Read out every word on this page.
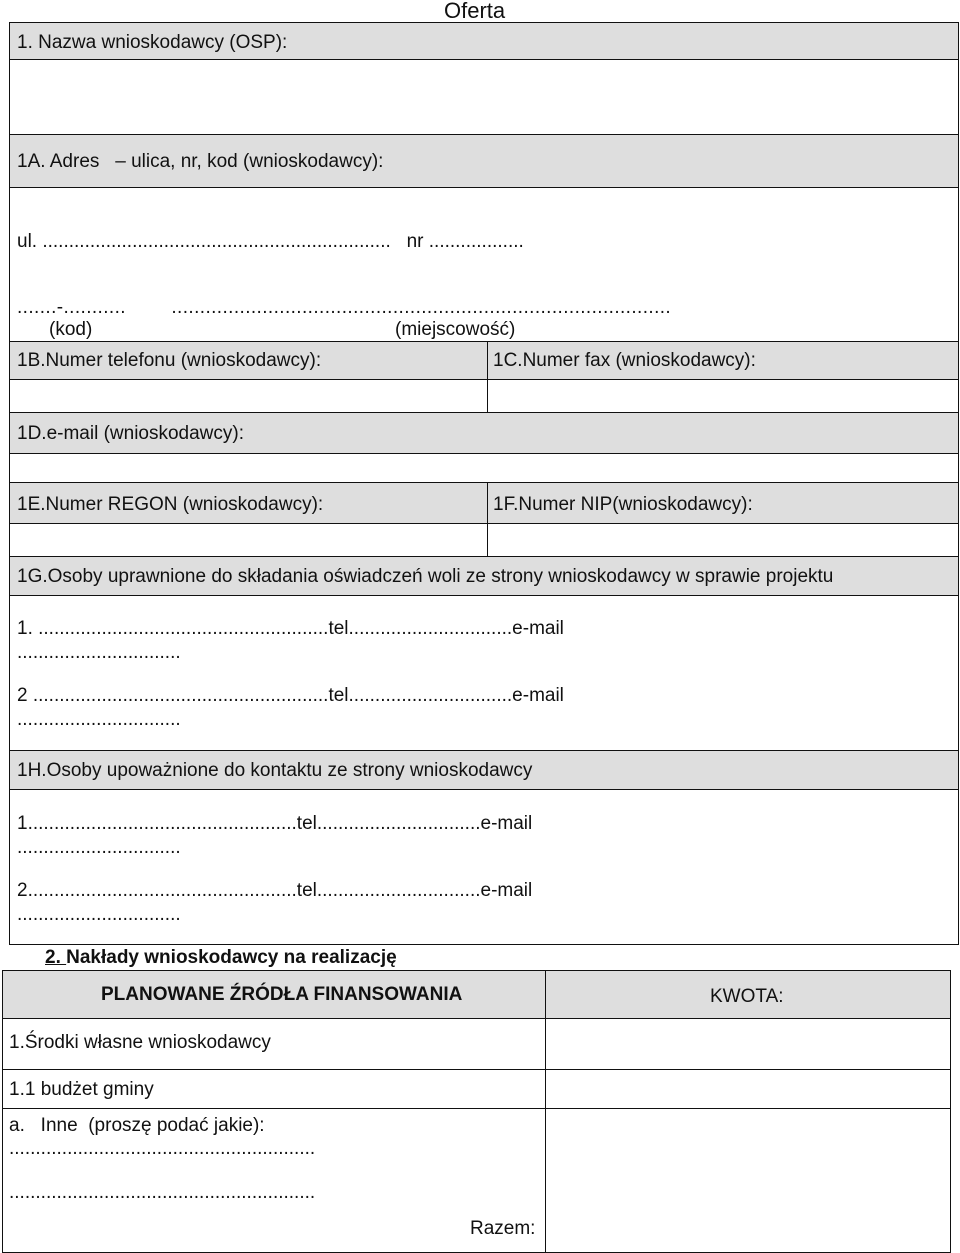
Oferta
1. Nazwa wnioskodawcy (OSP):
1A. Adres   – ulica, nr, kod (wnioskodawcy):
ul. ..................................................................   nr ..................
.......-...........        ........................................................................................
(kod)	(miejscowość)
1B.Numer telefonu (wnioskodawcy):	1C.Numer fax (wnioskodawcy):
1D.e-mail (wnioskodawcy):
1E.Numer REGON (wnioskodawcy):	1F.Numer NIP(wnioskodawcy):
1G.Osoby uprawnione do składania oświadczeń woli ze strony wnioskodawcy w sprawie projektu
1. .......................................................tel...............................e-mail
...............................
2 ........................................................tel...............................e-mail
...............................
1H.Osoby upoważnione do kontaktu ze strony wnioskodawcy
1...................................................tel...............................e-mail
...............................
2...................................................tel...............................e-mail
...............................
2. Nakłady wnioskodawcy na realizację
PLANOWANE ŹRÓDŁA FINANSOWANIA	KWOTA:
1.Środki własne wnioskodawcy
1.1 budżet gminy
a.   Inne  (proszę podać jakie):
..........................................................
..........................................................
Razem:
